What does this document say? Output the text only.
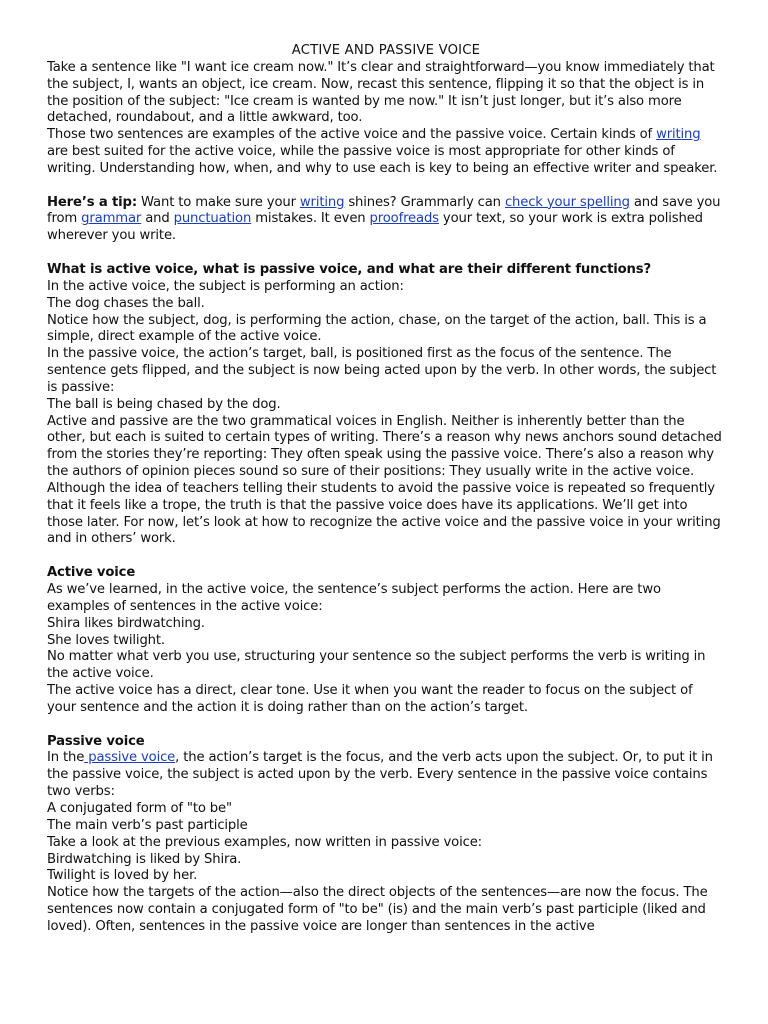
ACTIVE AND PASSIVE VOICE

Take a sentence like "I want ice cream now." It’s clear and straightforward—you know immediately that the subject, I, wants an object, ice cream. Now, recast this sentence, flipping it so that the object is in the position of the subject: "Ice cream is wanted by me now." It isn’t just longer, but it’s also more detached, roundabout, and a little awkward, too.

Those two sentences are examples of the active voice and the passive voice. Certain kinds of writing are best suited for the active voice, while the passive voice is most appropriate for other kinds of writing. Understanding how, when, and why to use each is key to being an effective writer and speaker.

Here’s a tip: Want to make sure your writing shines? Grammarly can check your spelling and save you from grammar and punctuation mistakes. It even proofreads your text, so your work is extra polished wherever you write.

What is active voice, what is passive voice, and what are their different functions?

In the active voice, the subject is performing an action:

The dog chases the ball.

Notice how the subject, dog, is performing the action, chase, on the target of the action, ball. This is a simple, direct example of the active voice.

In the passive voice, the action’s target, ball, is positioned first as the focus of the sentence. The sentence gets flipped, and the subject is now being acted upon by the verb. In other words, the subject is passive:

The ball is being chased by the dog.

Active and passive are the two grammatical voices in English. Neither is inherently better than the other, but each is suited to certain types of writing. There’s a reason why news anchors sound detached from the stories they’re reporting: They often speak using the passive voice. There’s also a reason why the authors of opinion pieces sound so sure of their positions: They usually write in the active voice.

Although the idea of teachers telling their students to avoid the passive voice is repeated so frequently that it feels like a trope, the truth is that the passive voice does have its applications. We’ll get into those later. For now, let’s look at how to recognize the active voice and the passive voice in your writing and in others’ work.

Active voice

As we’ve learned, in the active voice, the sentence’s subject performs the action. Here are two examples of sentences in the active voice:

Shira likes birdwatching.

She loves twilight.

No matter what verb you use, structuring your sentence so the subject performs the verb is writing in the active voice.

The active voice has a direct, clear tone. Use it when you want the reader to focus on the subject of your sentence and the action it is doing rather than on the action’s target.

Passive voice

In the passive voice, the action’s target is the focus, and the verb acts upon the subject. Or, to put it in the passive voice, the subject is acted upon by the verb. Every sentence in the passive voice contains two verbs:

A conjugated form of "to be"

The main verb’s past participle

Take a look at the previous examples, now written in passive voice:

Birdwatching is liked by Shira.

Twilight is loved by her.

Notice how the targets of the action—also the direct objects of the sentences—are now the focus. The sentences now contain a conjugated form of "to be" (is) and the main verb’s past participle (liked and loved). Often, sentences in the passive voice are longer than sentences in the active
